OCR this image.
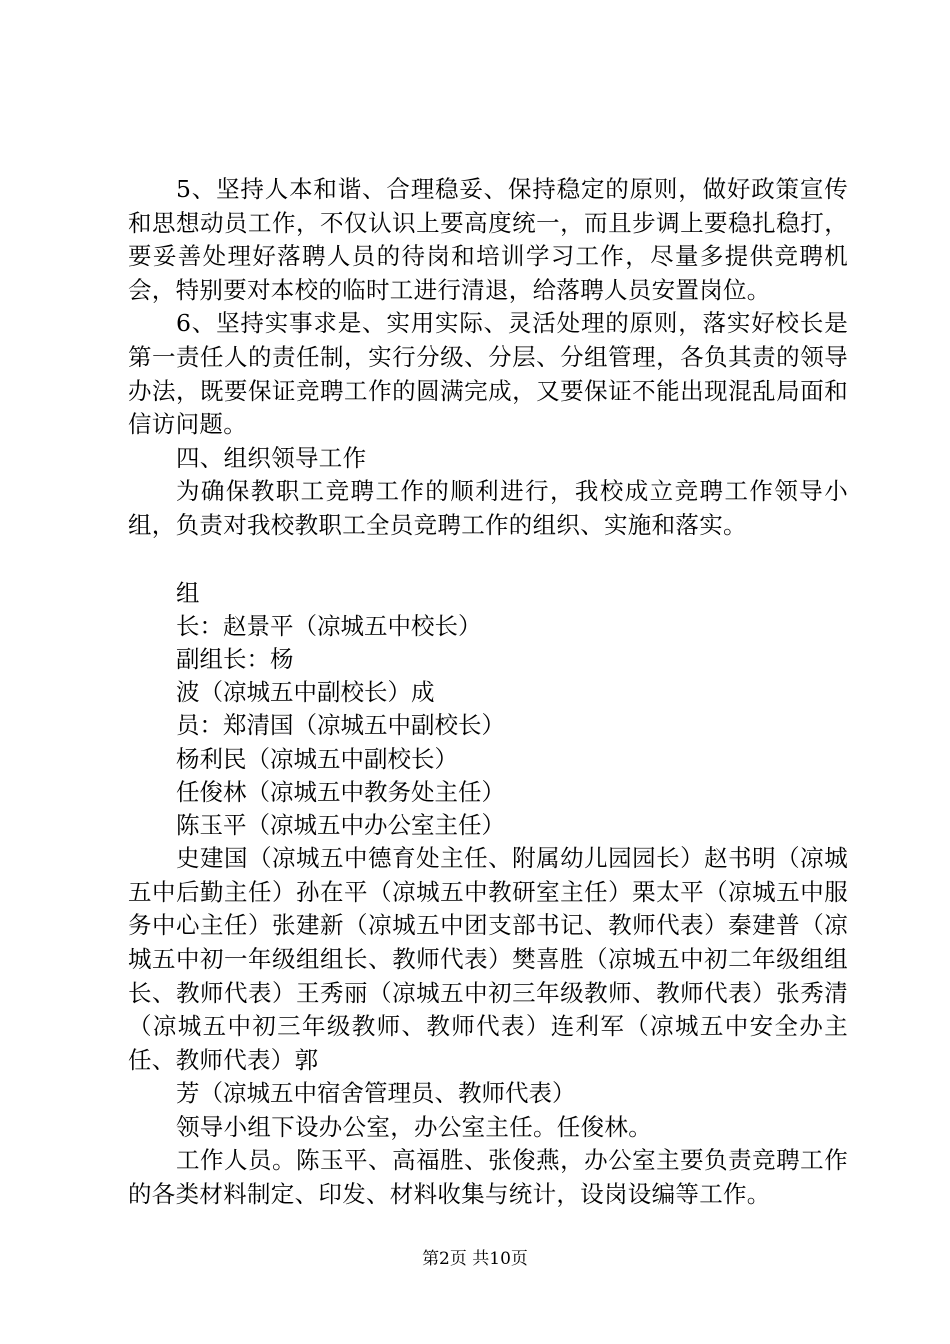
5、坚持人本和谐、合理稳妥、保持稳定的原则，做好政策宣传和思想动员工作，不仅认识上要高度统一，而且步调上要稳扎稳打，要妥善处理好落聘人员的待岗和培训学习工作，尽量多提供竞聘机会，特别要对本校的临时工进行清退，给落聘人员安置岗位。

6、坚持实事求是、实用实际、灵活处理的原则，落实好校长是第一责任人的责任制，实行分级、分层、分组管理，各负其责的领导办法，既要保证竞聘工作的圆满完成，又要保证不能出现混乱局面和信访问题。

四、组织领导工作

为确保教职工竞聘工作的顺利进行，我校成立竞聘工作领导小组，负责对我校教职工全员竞聘工作的组织、实施和落实。

组

长：赵景平（凉城五中校长）

副组长：杨

波（凉城五中副校长）成

员：郑清国（凉城五中副校长）

杨利民（凉城五中副校长）

任俊林（凉城五中教务处主任）

陈玉平（凉城五中办公室主任）

史建国（凉城五中德育处主任、附属幼儿园园长）赵书明（凉城五中后勤主任）孙在平（凉城五中教研室主任）栗太平（凉城五中服务中心主任）张建新（凉城五中团支部书记、教师代表）秦建普（凉城五中初一年级组组长、教师代表）樊喜胜（凉城五中初二年级组组长、教师代表）王秀丽（凉城五中初三年级教师、教师代表）张秀清（凉城五中初三年级教师、教师代表）连利军（凉城五中安全办主任、教师代表）郭

芳（凉城五中宿舍管理员、教师代表）

领导小组下设办公室，办公室主任。任俊林。

工作人员。陈玉平、高福胜、张俊燕，办公室主要负责竞聘工作的各类材料制定、印发、材料收集与统计，设岗设编等工作。

第2页 共10页
